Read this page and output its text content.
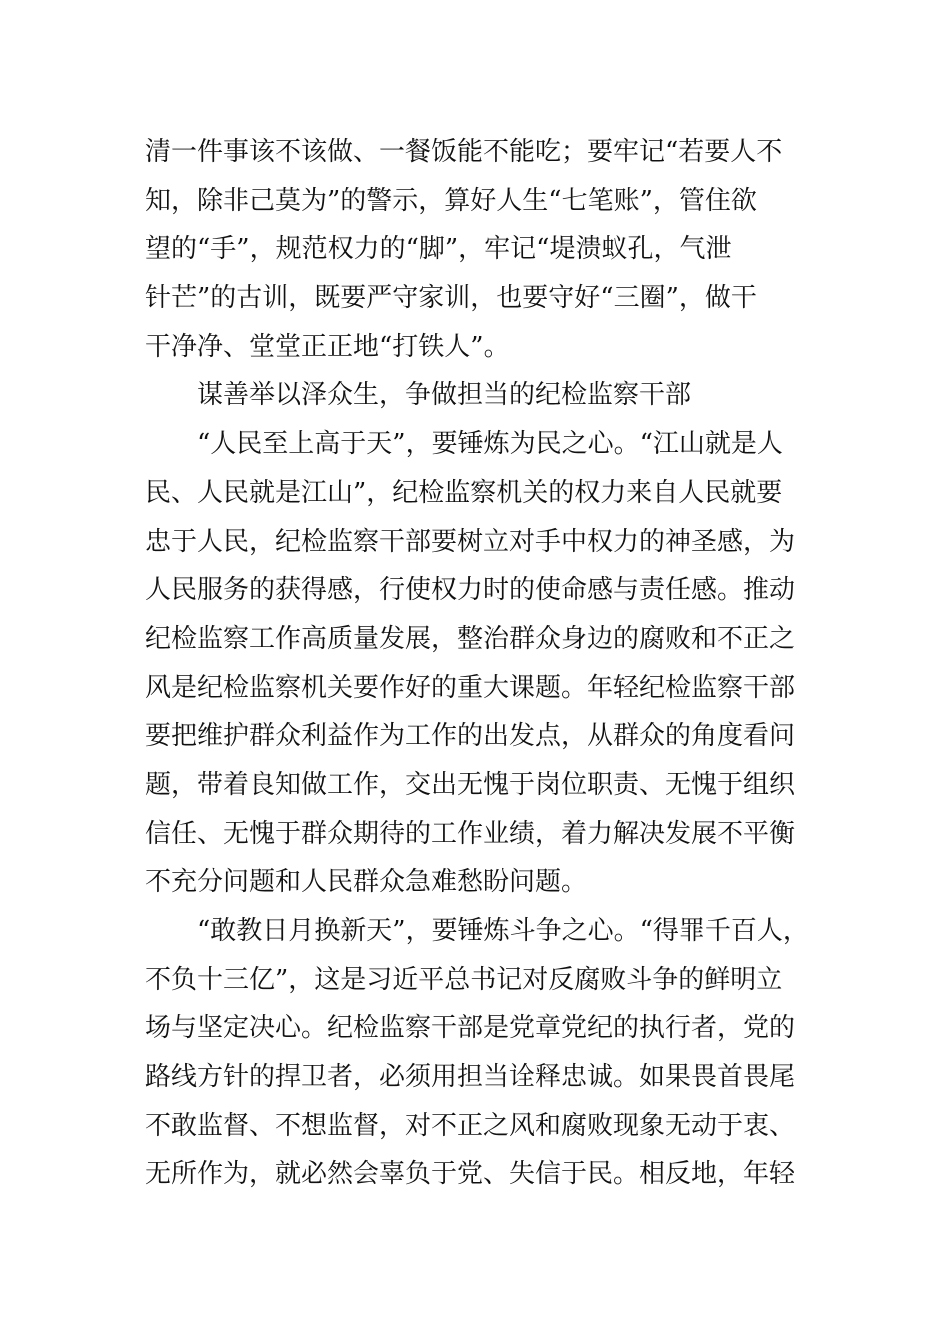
清一件事该不该做、一餐饭能不能吃；要牢记“若要人不
知，除非己莫为”的警示，算好人生“七笔账”，管住欲
望的“手”，规范权力的“脚”，牢记“堤溃蚁孔，气泄
针芒”的古训，既要严守家训，也要守好“三圈”，做干
干净净、堂堂正正地“打铁人”。
　　谋善举以泽众生，争做担当的纪检监察干部
　　“人民至上高于天”，要锤炼为民之心。“江山就是人
民、人民就是江山”，纪检监察机关的权力来自人民就要
忠于人民，纪检监察干部要树立对手中权力的神圣感，为
人民服务的获得感，行使权力时的使命感与责任感。推动
纪检监察工作高质量发展，整治群众身边的腐败和不正之
风是纪检监察机关要作好的重大课题。年轻纪检监察干部
要把维护群众利益作为工作的出发点，从群众的角度看问
题，带着良知做工作，交出无愧于岗位职责、无愧于组织
信任、无愧于群众期待的工作业绩，着力解决发展不平衡
不充分问题和人民群众急难愁盼问题。
　　“敢教日月换新天”，要锤炼斗争之心。“得罪千百人，
不负十三亿”，这是习近平总书记对反腐败斗争的鲜明立
场与坚定决心。纪检监察干部是党章党纪的执行者，党的
路线方针的捍卫者，必须用担当诠释忠诚。如果畏首畏尾
不敢监督、不想监督，对不正之风和腐败现象无动于衷、
无所作为，就必然会辜负于党、失信于民。相反地，年轻
